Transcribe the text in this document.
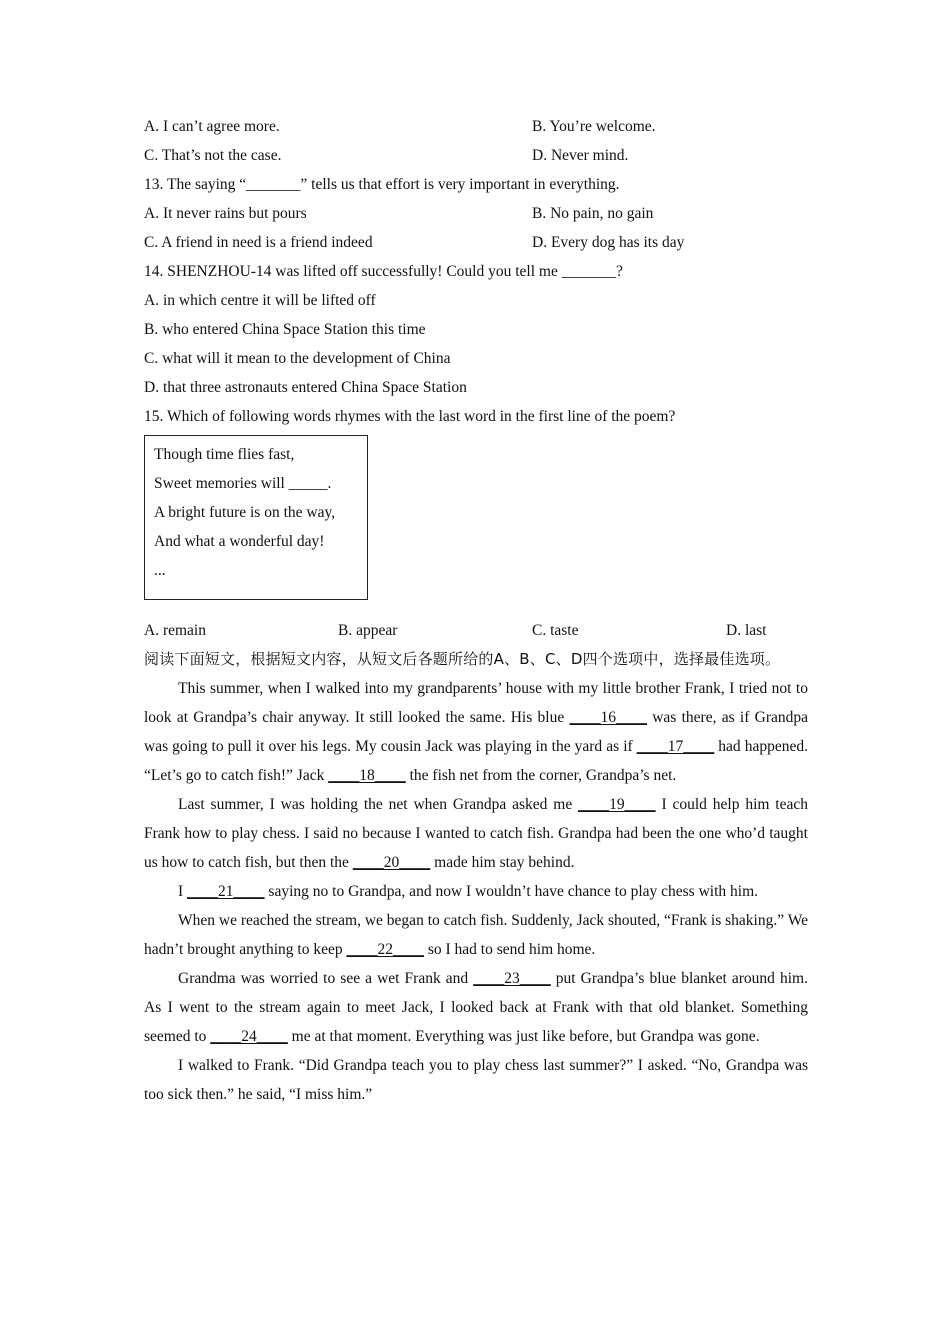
A. I can’t agree more.	B. You’re welcome.
C. That’s not the case.	D. Never mind.
13. The saying “_______” tells us that effort is very important in everything.
A. It never rains but pours	B. No pain, no gain
C. A friend in need is a friend indeed	D. Every dog has its day
14. SHENZHOU-14 was lifted off successfully! Could you tell me _______?
A. in which centre it will be lifted off
B. who entered China Space Station this time
C. what will it mean to the development of China
D. that three astronauts entered China Space Station
15. Which of following words rhymes with the last word in the first line of the poem?
Though time flies fast,
Sweet memories will _____.
A bright future is on the way,
And what a wonderful day!
...
A. remain	B. appear	C. taste	D. last
阅读下面短文，根据短文内容，从短文后各题所给的A、B、C、D四个选项中，选择最佳选项。
This summer, when I walked into my grandparents’ house with my little brother Frank, I tried not to look at Grandpa’s chair anyway. It still looked the same. His blue ____16____ was there, as if Grandpa was going to pull it over his legs. My cousin Jack was playing in the yard as if ____17____ had happened. “Let’s go to catch fish!” Jack ____18____ the fish net from the corner, Grandpa’s net.
Last summer, I was holding the net when Grandpa asked me ____19____ I could help him teach Frank how to play chess. I said no because I wanted to catch fish. Grandpa had been the one who’d taught us how to catch fish, but then the ____20____ made him stay behind.
I ____21____ saying no to Grandpa, and now I wouldn’t have chance to play chess with him.
When we reached the stream, we began to catch fish. Suddenly, Jack shouted, “Frank is shaking.” We hadn’t brought anything to keep ____22____ so I had to send him home.
Grandma was worried to see a wet Frank and ____23____ put Grandpa’s blue blanket around him. As I went to the stream again to meet Jack, I looked back at Frank with that old blanket. Something seemed to ____24____ me at that moment. Everything was just like before, but Grandpa was gone.
I walked to Frank. “Did Grandpa teach you to play chess last summer?” I asked. “No, Grandpa was too sick then.” he said, “I miss him.”
